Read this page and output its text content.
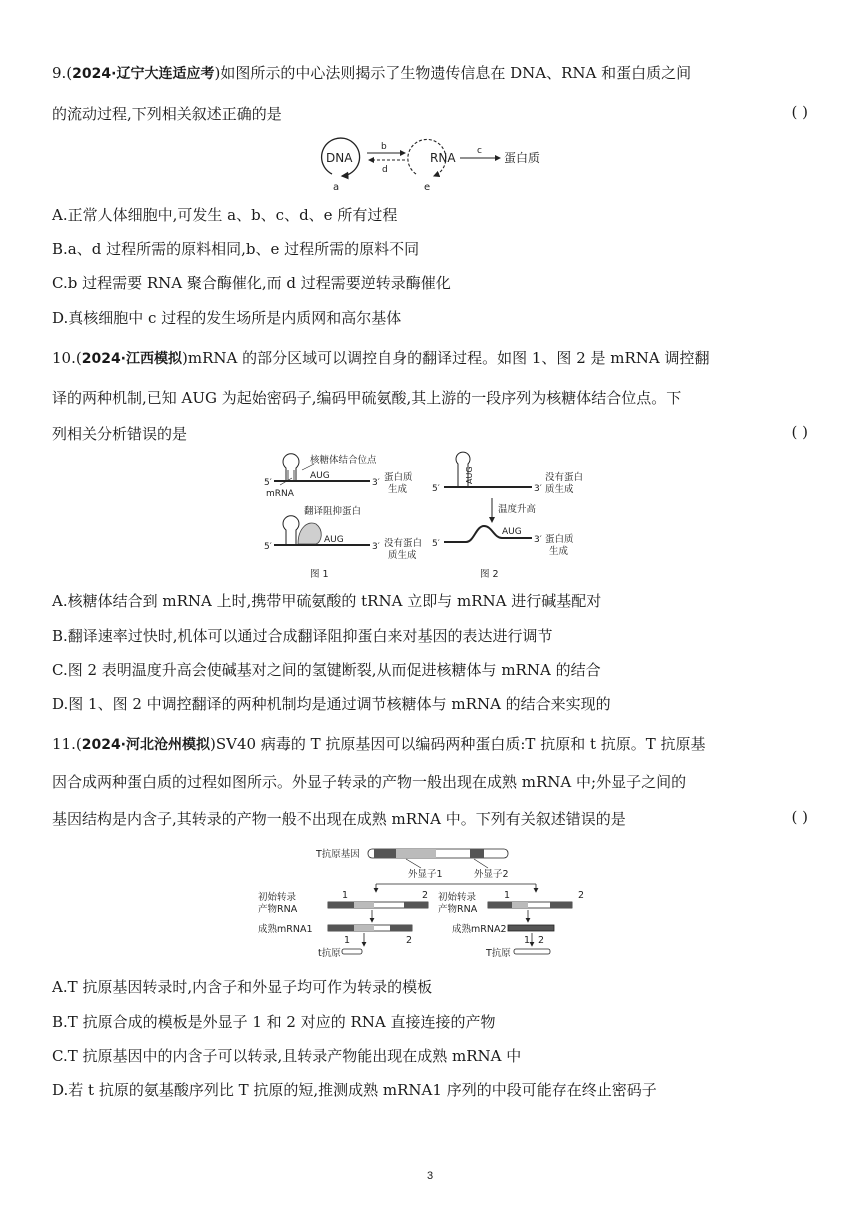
9.(2024·辽宁大连适应考)如图所示的中心法则揭示了生物遗传信息在 DNA、RNA 和蛋白质之间
的流动过程,下列相关叙述正确的是	( )
DNA
a
b
d
RNA
e
c 蛋白质
A.正常人体细胞中,可发生 a、b、c、d、e 所有过程
B.a、d 过程所需的原料相同,b、e 过程所需的原料不同
C.b 过程需要 RNA 聚合酶催化,而 d 过程需要逆转录酶催化
D.真核细胞中 c 过程的发生场所是内质网和高尔基体
10.(2024·江西模拟)mRNA 的部分区域可以调控自身的翻译过程。如图 1、图 2 是 mRNA 调控翻
译的两种机制,已知 AUG 为起始密码子,编码甲硫氨酸,其上游的一段序列为核糖体结合位点。下
列相关分析错误的是	( )
5′	3′
AUG
核糖体结合位点
mRNA
蛋白质
生成
翻译阻抑蛋白
5′	3′
AUG	没有蛋白
质生成
图 1
AUG
5′	3′
没有蛋白
质生成
温度升高
5′	3′
AUG
蛋白质
生成
图 2
A.核糖体结合到 mRNA 上时,携带甲硫氨酸的 tRNA 立即与 mRNA 进行碱基配对
B.翻译速率过快时,机体可以通过合成翻译阻抑蛋白来对基因的表达进行调节
C.图 2 表明温度升高会使碱基对之间的氢键断裂,从而促进核糖体与 mRNA 的结合
D.图 1、图 2 中调控翻译的两种机制均是通过调节核糖体与 mRNA 的结合来实现的
11.(2024·河北沧州模拟)SV40 病毒的 T 抗原基因可以编码两种蛋白质:T 抗原和 t 抗原。T 抗原基
因合成两种蛋白质的过程如图所示。外显子转录的产物一般出现在成熟 mRNA 中;外显子之间的
基因结构是内含子,其转录的产物一般不出现在成熟 mRNA 中。下列有关叙述错误的是	( )
T抗原基因
外显子1	外显子2
初始转录
产物RNA
1	2
成熟mRNA1
1	2
t抗原
初始转录
产物RNA
1	2
成熟mRNA2
1 2
T抗原
A.T 抗原基因转录时,内含子和外显子均可作为转录的模板
B.T 抗原合成的模板是外显子 1 和 2 对应的 RNA 直接连接的产物
C.T 抗原基因中的内含子可以转录,且转录产物能出现在成熟 mRNA 中
D.若 t 抗原的氨基酸序列比 T 抗原的短,推测成熟 mRNA1 序列的中段可能存在终止密码子
3
